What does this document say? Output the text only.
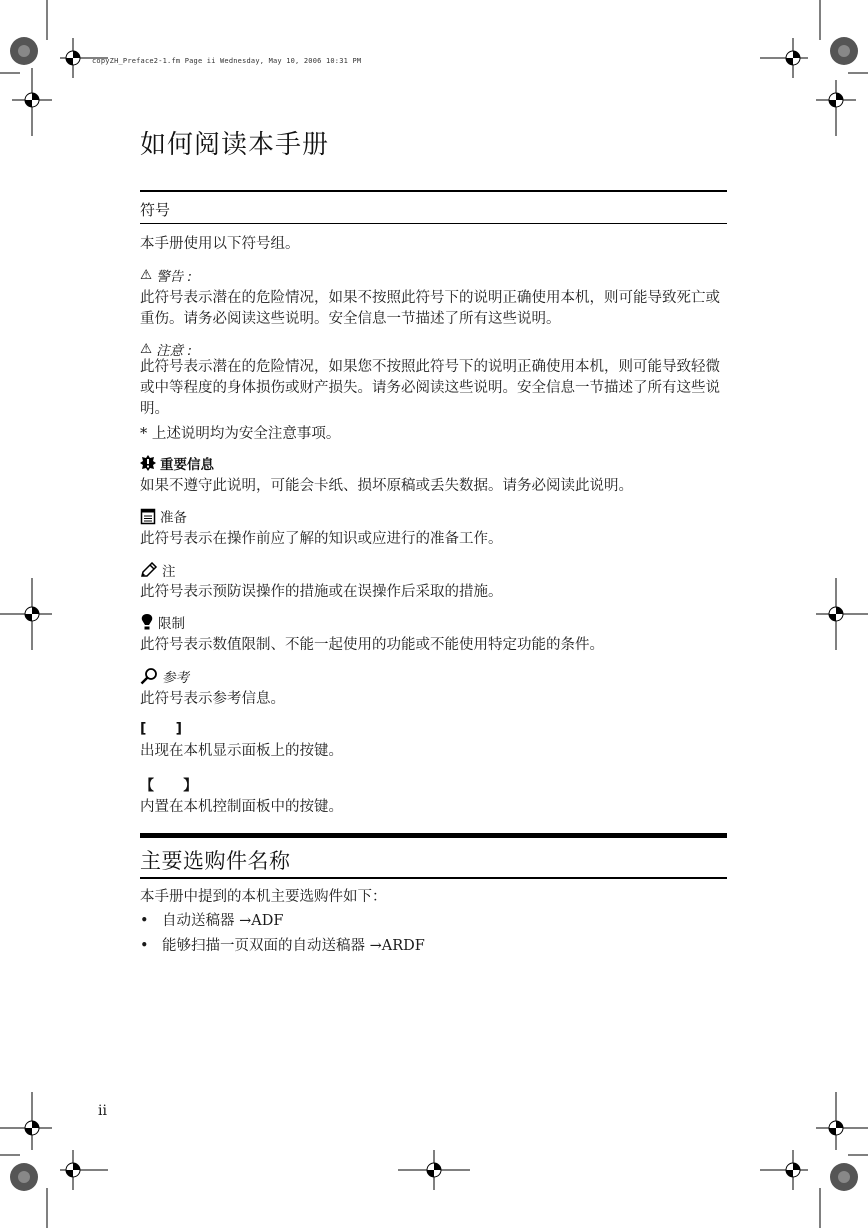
copyZH_Preface2-1.fm Page ii Wednesday, May 10, 2006 10:31 PM
如何阅读本手册
符号
本手册使用以下符号组。
⚠ 警告 :
此符号表示潜在的危险情况，如果不按照此符号下的说明正确使用本机，则可能导致死亡或重伤。请务必阅读这些说明。安全信息一节描述了所有这些说明。
⚠ 注意 :
此符号表示潜在的危险情况，如果您不按照此符号下的说明正确使用本机，则可能导致轻微或中等程度的身体损伤或财产损失。请务必阅读这些说明。安全信息一节描述了所有这些说明。
* 上述说明均为安全注意事项。
重要信息
如果不遵守此说明，可能会卡纸、损坏原稿或丢失数据。请务必阅读此说明。
准备
此符号表示在操作前应了解的知识或应进行的准备工作。
注
此符号表示预防误操作的措施或在误操作后采取的措施。
限制
此符号表示数值限制、不能一起使用的功能或不能使用特定功能的条件。
参考
此符号表示参考信息。
[      ]
出现在本机显示面板上的按键。
【      】
内置在本机控制面板中的按键。
主要选购件名称
本手册中提到的本机主要选购件如下：
• 自动送稿器 →ADF
• 能够扫描一页双面的自动送稿器 →ARDF
ii
